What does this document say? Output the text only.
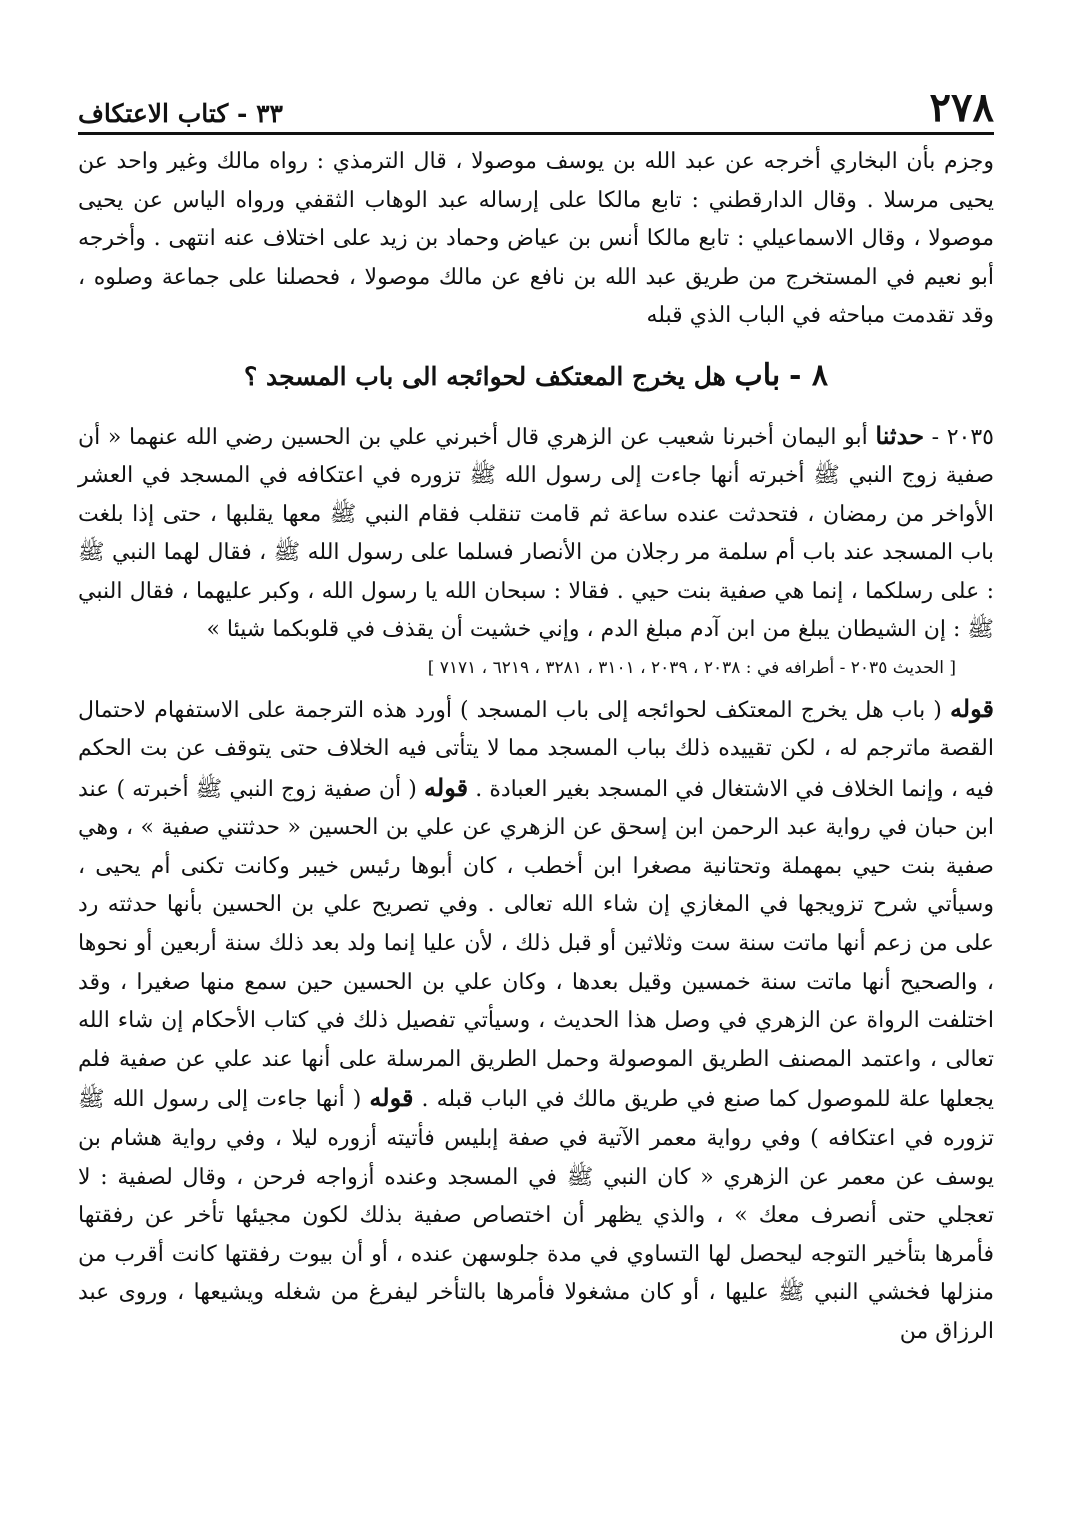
٢٧٨
٣٣ - كتاب الاعتكاف

وجزم بأن البخاري أخرجه عن عبد الله بن يوسف موصولا ، قال الترمذي : رواه مالك وغير واحد عن يحيى مرسلا . وقال الدارقطني : تابع مالكا على إرساله عبد الوهاب الثقفي ورواه الياس عن يحيى موصولا ، وقال الاسماعيلي : تابع مالكا أنس بن عياض وحماد بن زيد على اختلاف عنه انتهى . وأخرجه أبو نعيم في المستخرج من طريق عبد الله بن نافع عن مالك موصولا ، فحصلنا على جماعة وصلوه ، وقد تقدمت مباحثه في الباب الذي قبله

٨ - باب هل يخرج المعتكف لحوائجه الى باب المسجد ؟

٢٠٣٥ - حدثنا أبو اليمان أخبرنا شعيب عن الزهري قال أخبرني علي بن الحسين رضي الله عنهما « أن صفية زوج النبي ﷺ أخبرته أنها جاءت إلى رسول الله ﷺ تزوره في اعتكافه في المسجد في العشر الأواخر من رمضان ، فتحدثت عنده ساعة ثم قامت تنقلب فقام النبي ﷺ معها يقلبها ، حتى إذا بلغت باب المسجد عند باب أم سلمة مر رجلان من الأنصار فسلما على رسول الله ﷺ ، فقال لهما النبي ﷺ : على رسلكما ، إنما هي صفية بنت حيي . فقالا : سبحان الله يا رسول الله ، وكبر عليهما ، فقال النبي ﷺ : إن الشيطان يبلغ من ابن آدم مبلغ الدم ، وإني خشيت أن يقذف في قلوبكما شيئا »

[ الحديث ٢٠٣٥ - أطرافه في : ٢٠٣٨ ، ٢٠٣٩ ، ٣١٠١ ، ٣٢٨١ ، ٦٢١٩ ، ٧١٧١ ]

قوله ( باب هل يخرج المعتكف لحوائجه إلى باب المسجد ) أورد هذه الترجمة على الاستفهام لاحتمال القصة ماترجم له ، لكن تقييده ذلك بباب المسجد مما لا يتأتى فيه الخلاف حتى يتوقف عن بت الحكم فيه ، وإنما الخلاف في الاشتغال في المسجد بغير العبادة . قوله ( أن صفية زوج النبي ﷺ أخبرته ) عند ابن حبان في رواية عبد الرحمن ابن إسحق عن الزهري عن علي بن الحسين « حدثتني صفية » ، وهي صفية بنت حيي بمهملة وتحتانية مصغرا ابن أخطب ، كان أبوها رئيس خيبر وكانت تكنى أم يحيى ، وسيأتي شرح تزويجها في المغازي إن شاء الله تعالى . وفي تصريح علي بن الحسين بأنها حدثته رد على من زعم أنها ماتت سنة ست وثلاثين أو قبل ذلك ، لأن عليا إنما ولد بعد ذلك سنة أربعين أو نحوها ، والصحيح أنها ماتت سنة خمسين وقيل بعدها ، وكان علي بن الحسين حين سمع منها صغيرا ، وقد اختلفت الرواة عن الزهري في وصل هذا الحديث ، وسيأتي تفصيل ذلك في كتاب الأحكام إن شاء الله تعالى ، واعتمد المصنف الطريق الموصولة وحمل الطريق المرسلة على أنها عند علي عن صفية فلم يجعلها علة للموصول كما صنع في طريق مالك في الباب قبله . قوله ( أنها جاءت إلى رسول الله ﷺ تزوره في اعتكافه ) وفي رواية معمر الآتية في صفة إبليس فأتيته أزوره ليلا ، وفي رواية هشام بن يوسف عن معمر عن الزهري « كان النبي ﷺ في المسجد وعنده أزواجه فرحن ، وقال لصفية : لا تعجلي حتى أنصرف معك » ، والذي يظهر أن اختصاص صفية بذلك لكون مجيئها تأخر عن رفقتها فأمرها بتأخير التوجه ليحصل لها التساوي في مدة جلوسهن عنده ، أو أن بيوت رفقتها كانت أقرب من منزلها فخشي النبي ﷺ عليها ، أو كان مشغولا فأمرها بالتأخر ليفرغ من شغله ويشيعها ، وروى عبد الرزاق من
